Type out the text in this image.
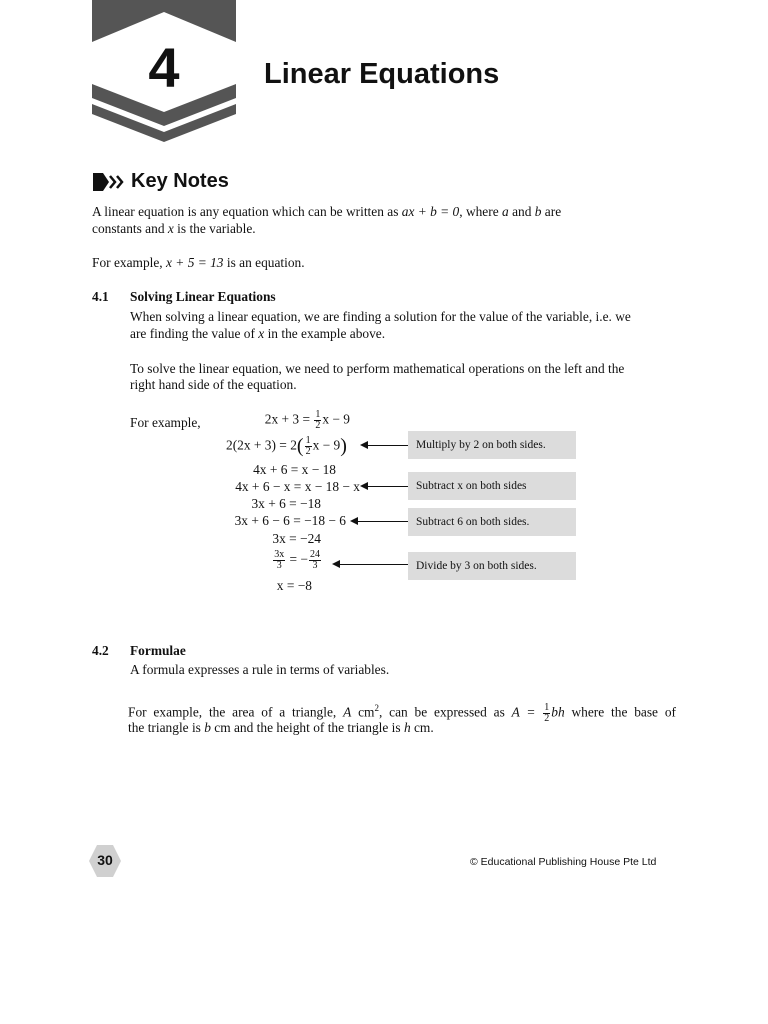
4	Linear Equations
Key Notes
A linear equation is any equation which can be written as ax + b = 0, where a and b are
constants and x is the variable.
For example, x + 5 = 13 is an equation.
4.1 Solving Linear Equations
When solving a linear equation, we are finding a solution for the value of the variable, i.e. we
are finding the value of x in the example above.
To solve the linear equation, we need to perform mathematical operations on the left and the
right hand side of the equation.
For example,	$2x + 3 = \frac{1}{2}$ x − 9
$2(2x + 3) = 2( \frac{1}{2}$ x − 9)
4x + 6 = x − 18
4x + 6 − x = x − 18 − x
3x + 6 = −18
3x + 6 − 6 = −18 − 6
3x = −24
$\frac{3x}{3}$ = − $\frac{24}{3}$
x = −8
Multiply by 2 on both sides.
Subtract x on both sides
Subtract 6 on both sides.
Divide by 3 on both sides.
4.2 Formulae
A formula expresses a rule in terms of variables.
For example, the area of a triangle, A $cm^2$, can be expressed as $A = \frac{1}{2}$ bh where the base of
the triangle is b cm and the height of the triangle is h cm.
30	© Educational Publishing House Pte Ltd
